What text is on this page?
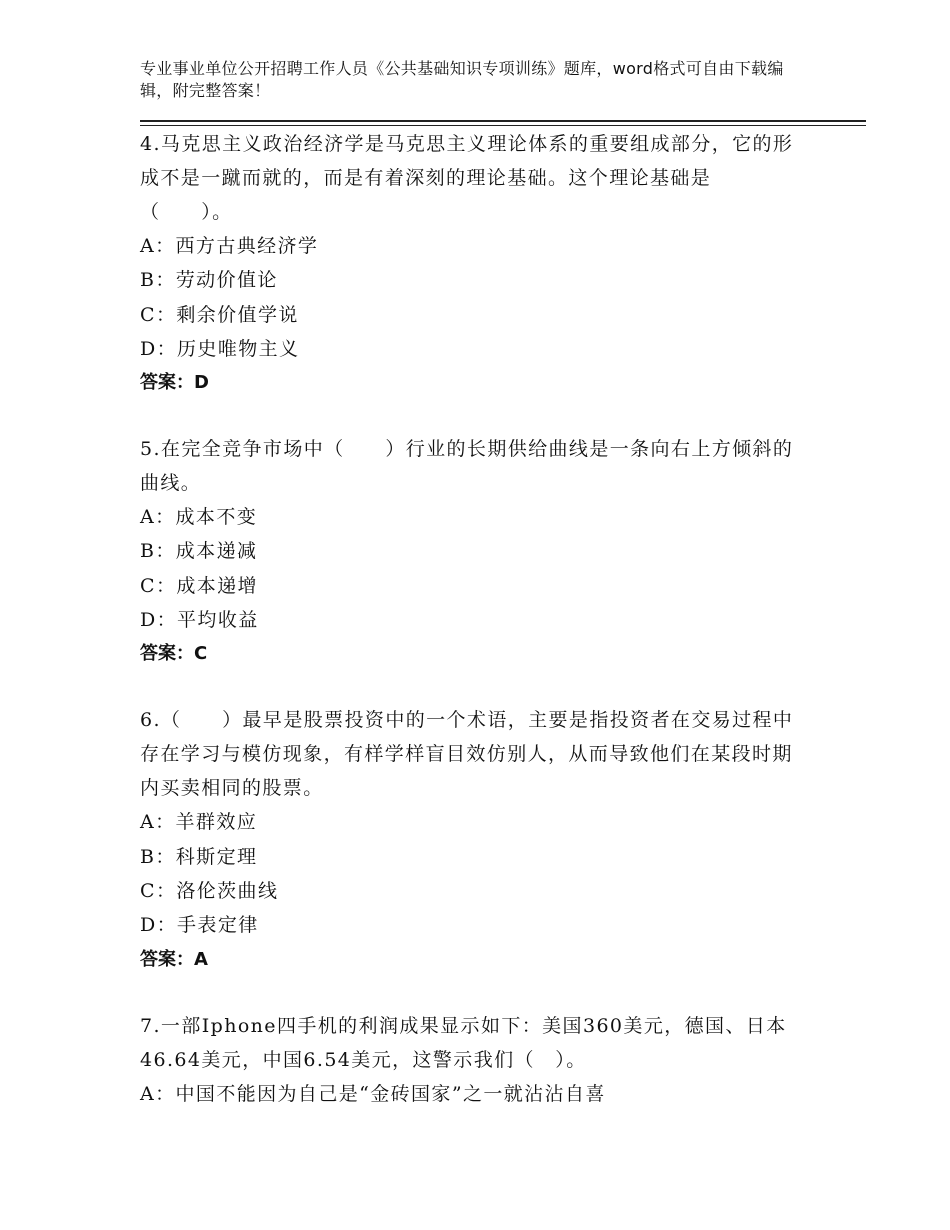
专业事业单位公开招聘工作人员《公共基础知识专项训练》题库，word格式可自由下载编辑，附完整答案！

4.马克思主义政治经济学是马克思主义理论体系的重要组成部分，它的形成不是一蹴而就的，而是有着深刻的理论基础。这个理论基础是（　　）。

A：西方古典经济学

B：劳动价值论

C：剩余价值学说

D：历史唯物主义

答案：D

5.在完全竞争市场中（　　）行业的长期供给曲线是一条向右上方倾斜的曲线。

A：成本不变

B：成本递减

C：成本递增

D：平均收益

答案：C

6.（　　）最早是股票投资中的一个术语，主要是指投资者在交易过程中存在学习与模仿现象，有样学样盲目效仿别人，从而导致他们在某段时期内买卖相同的股票。

A：羊群效应

B：科斯定理

C：洛伦茨曲线

D：手表定律

答案：A

7.一部Iphone四手机的利润成果显示如下：美国360美元，德国、日本46.64美元，中国6.54美元，这警示我们（　）。

A：中国不能因为自己是“金砖国家”之一就沾沾自喜
